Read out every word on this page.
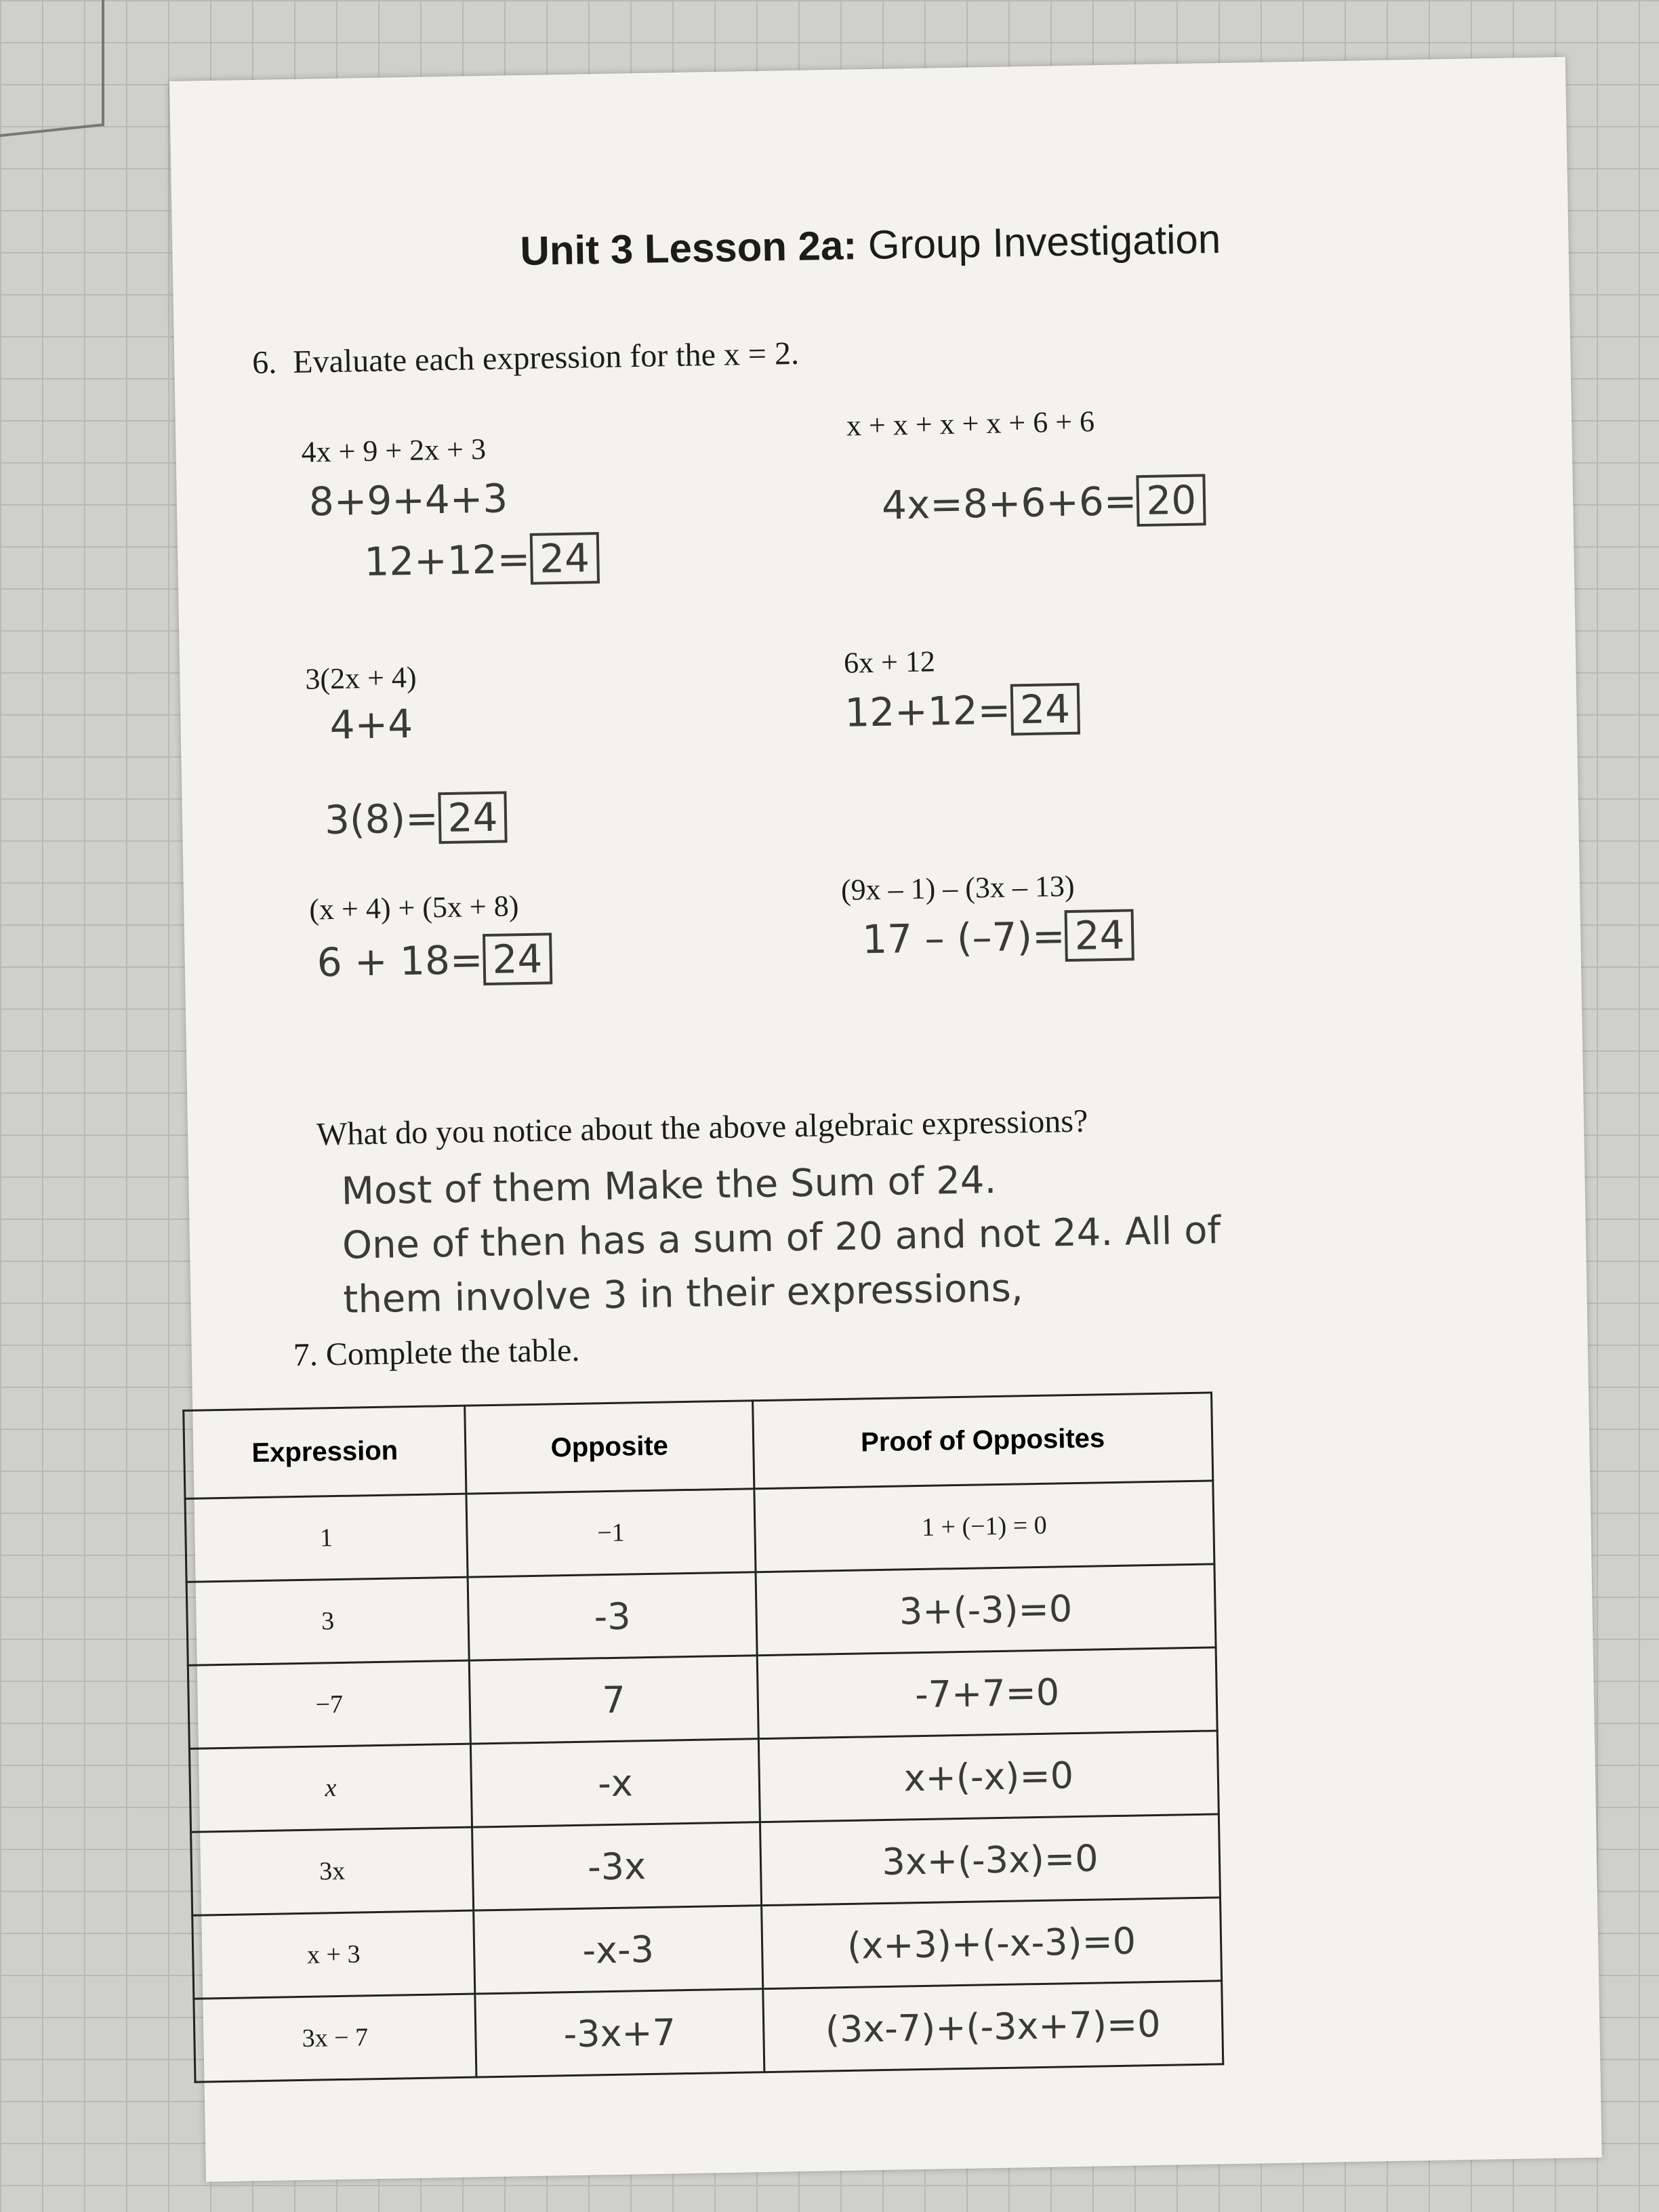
Unit 3 Lesson 2a: Group Investigation
6. Evaluate each expression for the x = 2.
4x + 9 + 2x + 3
8+9+4+3
12+12= 24
x + x + x + x + 6 + 6
4x=8+6+6= 20
3(2x + 4)
4+4
3(8)= 24
6x + 12
12+12= 24
(x + 4) + (5x + 8)
6 + 18= 24
(9x – 1) – (3x – 13)
17 – (–7)= 24
What do you notice about the above algebraic expressions?
Most of them Make the Sum of 24.
One of then has a sum of 20 and not 24. All of
them involve 3 in their expressions,
7. Complete the table.
Expression	Opposite	Proof of Opposites
1	−1	1 + (−1) = 0
3	-3	3+(-3)=0
−7	7	-7+7=0
x	-x	x+(-x)=0
3x	-3x	3x+(-3x)=0
x + 3	-x-3	(x+3)+(-x-3)=0
3x − 7	-3x+7	(3x-7)+(-3x+7)=0
